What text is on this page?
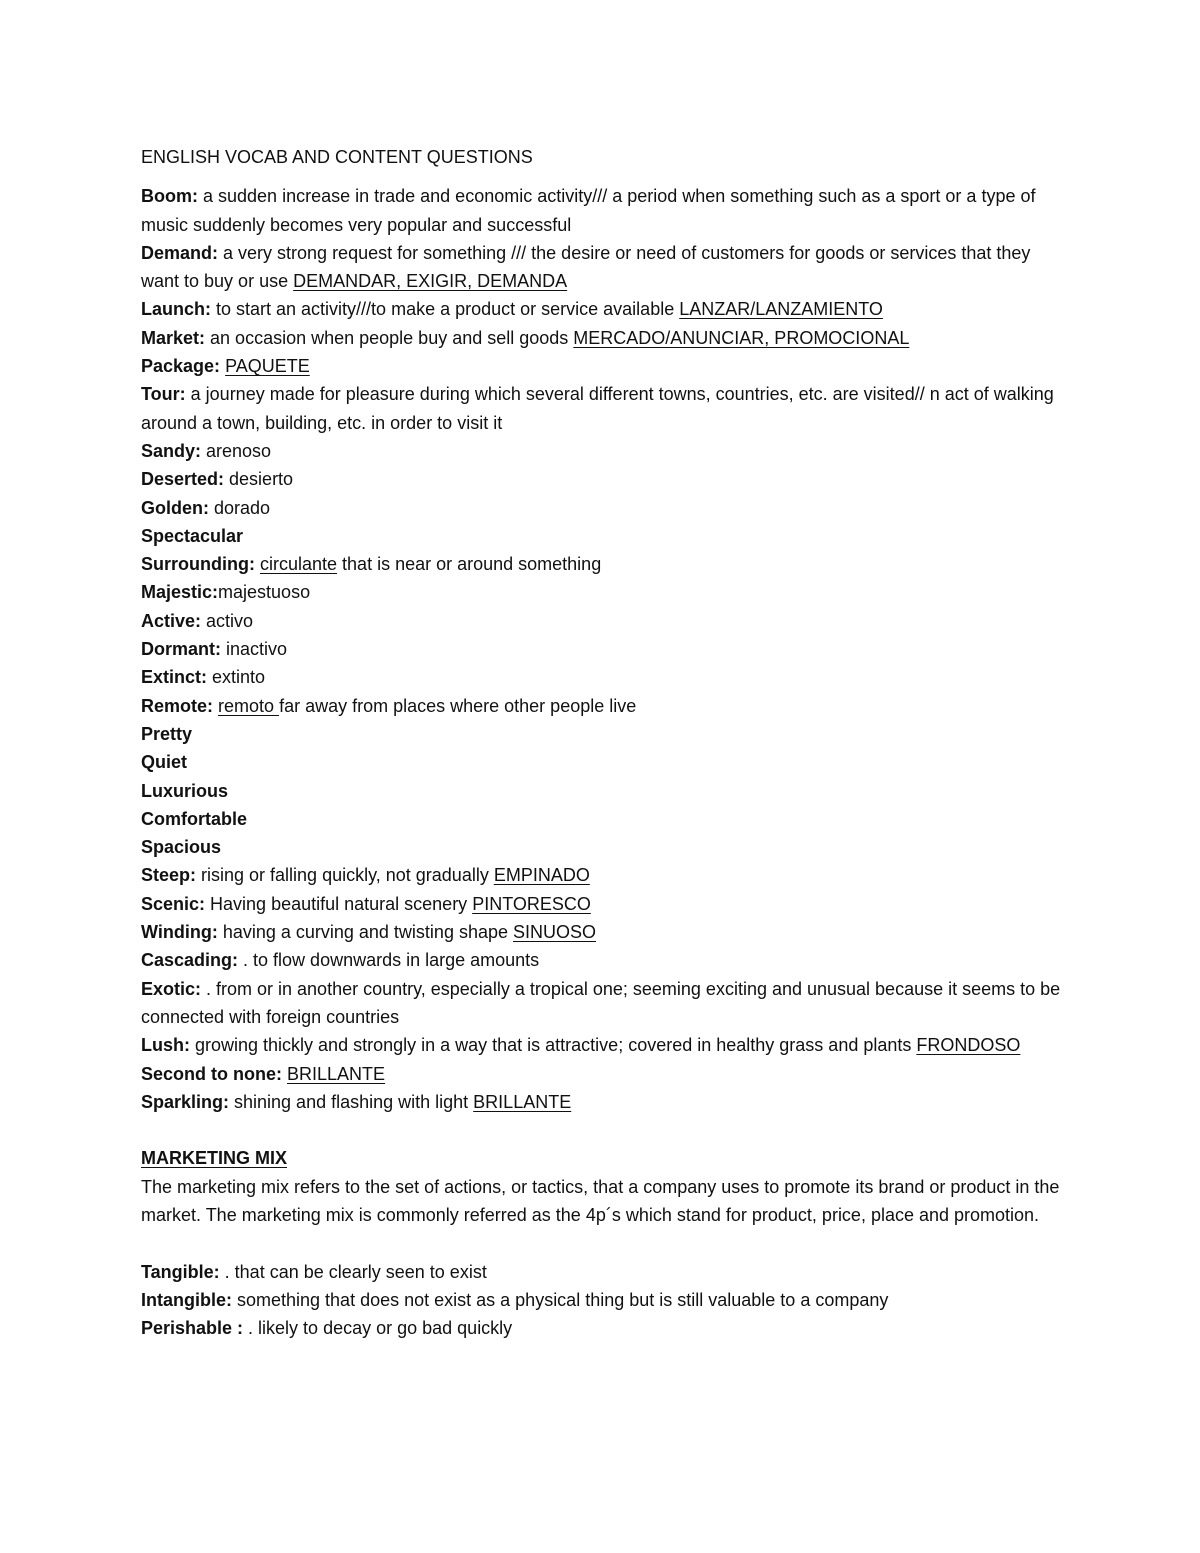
ENGLISH VOCAB AND CONTENT QUESTIONS

Boom: a sudden increase in trade and economic activity/// a period when something such as a sport or a type of music suddenly becomes very popular and successful

Demand: a very strong request for something /// the desire or need of customers for goods or services that they want to buy or use DEMANDAR, EXIGIR, DEMANDA

Launch: to start an activity///to make a product or service available LANZAR/LANZAMIENTO

Market: an occasion when people buy and sell goods MERCADO/ANUNCIAR, PROMOCIONAL

Package: PAQUETE

Tour: a journey made for pleasure during which several different towns, countries, etc. are visited// n act of walking around a town, building, etc. in order to visit it

Sandy: arenoso

Deserted: desierto

Golden: dorado

Spectacular

Surrounding: circulante that is near or around something

Majestic:majestuoso

Active: activo

Dormant: inactivo

Extinct: extinto

Remote: remoto far away from places where other people live

Pretty

Quiet

Luxurious

Comfortable

Spacious

Steep: rising or falling quickly, not gradually EMPINADO

Scenic: Having beautiful natural scenery PINTORESCO

Winding: having a curving and twisting shape SINUOSO

Cascading: . to flow downwards in large amounts

Exotic: . from or in another country, especially a tropical one; seeming exciting and unusual because it seems to be connected with foreign countries

Lush: growing thickly and strongly in a way that is attractive; covered in healthy grass and plants FRONDOSO

Second to none: BRILLANTE

Sparkling: shining and flashing with light BRILLANTE

MARKETING MIX

The marketing mix refers to the set of actions, or tactics, that a company uses to promote its brand or product in the market. The marketing mix is commonly referred as the 4p´s which stand for product, price, place and promotion.

Tangible: . that can be clearly seen to exist

Intangible: something that does not exist as a physical thing but is still valuable to a company

Perishable : . likely to decay or go bad quickly
